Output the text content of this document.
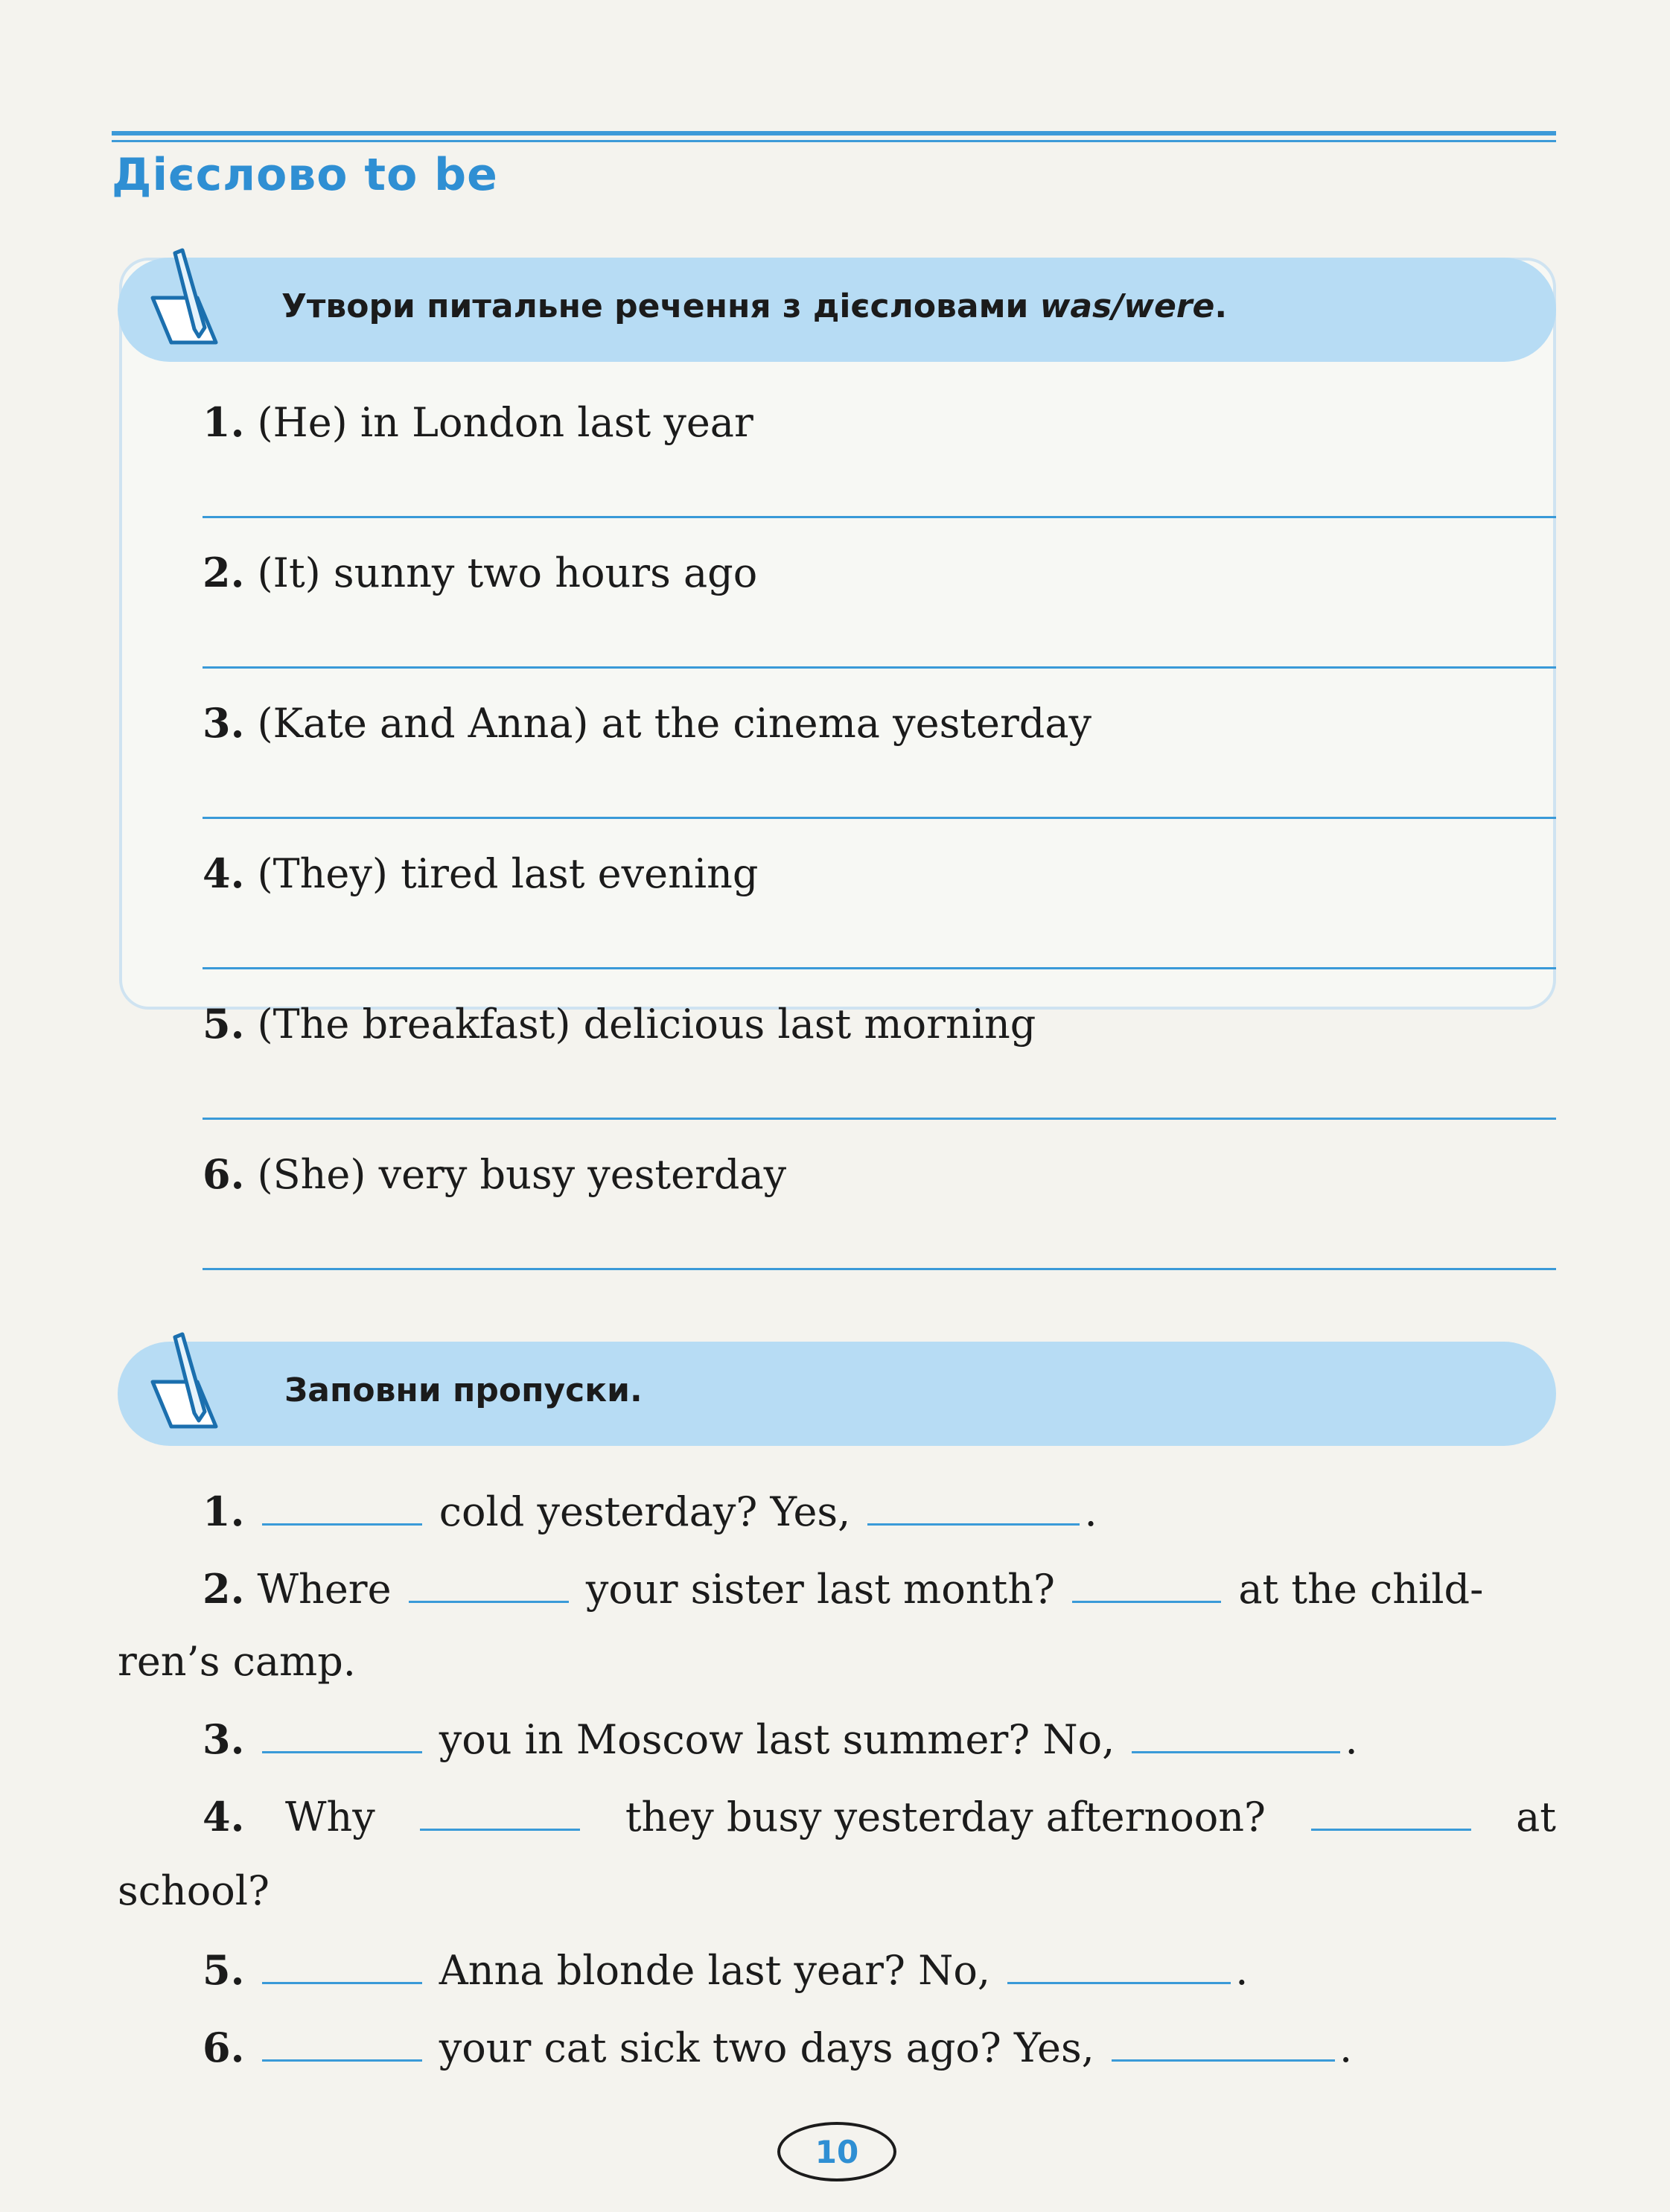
Дієслово to be
Утвори питальне речення з дієсловами was/were.
1. (He) in London last year
2. (It) sunny two hours ago
3. (Kate and Anna) at the cinema yesterday
4. (They) tired last evening
5. (The breakfast) delicious last morning
6. (She) very busy yesterday
Заповни пропуски.
1.	cold yesterday? Yes,	.
2. Where	your sister last month?	at the child-
ren’s camp.
3.	you in Moscow last summer? No,	.
4. Why	they busy yesterday afternoon?	at
school?
5.	Anna blonde last year? No,	.
6.	your cat sick two days ago? Yes,	.
10
